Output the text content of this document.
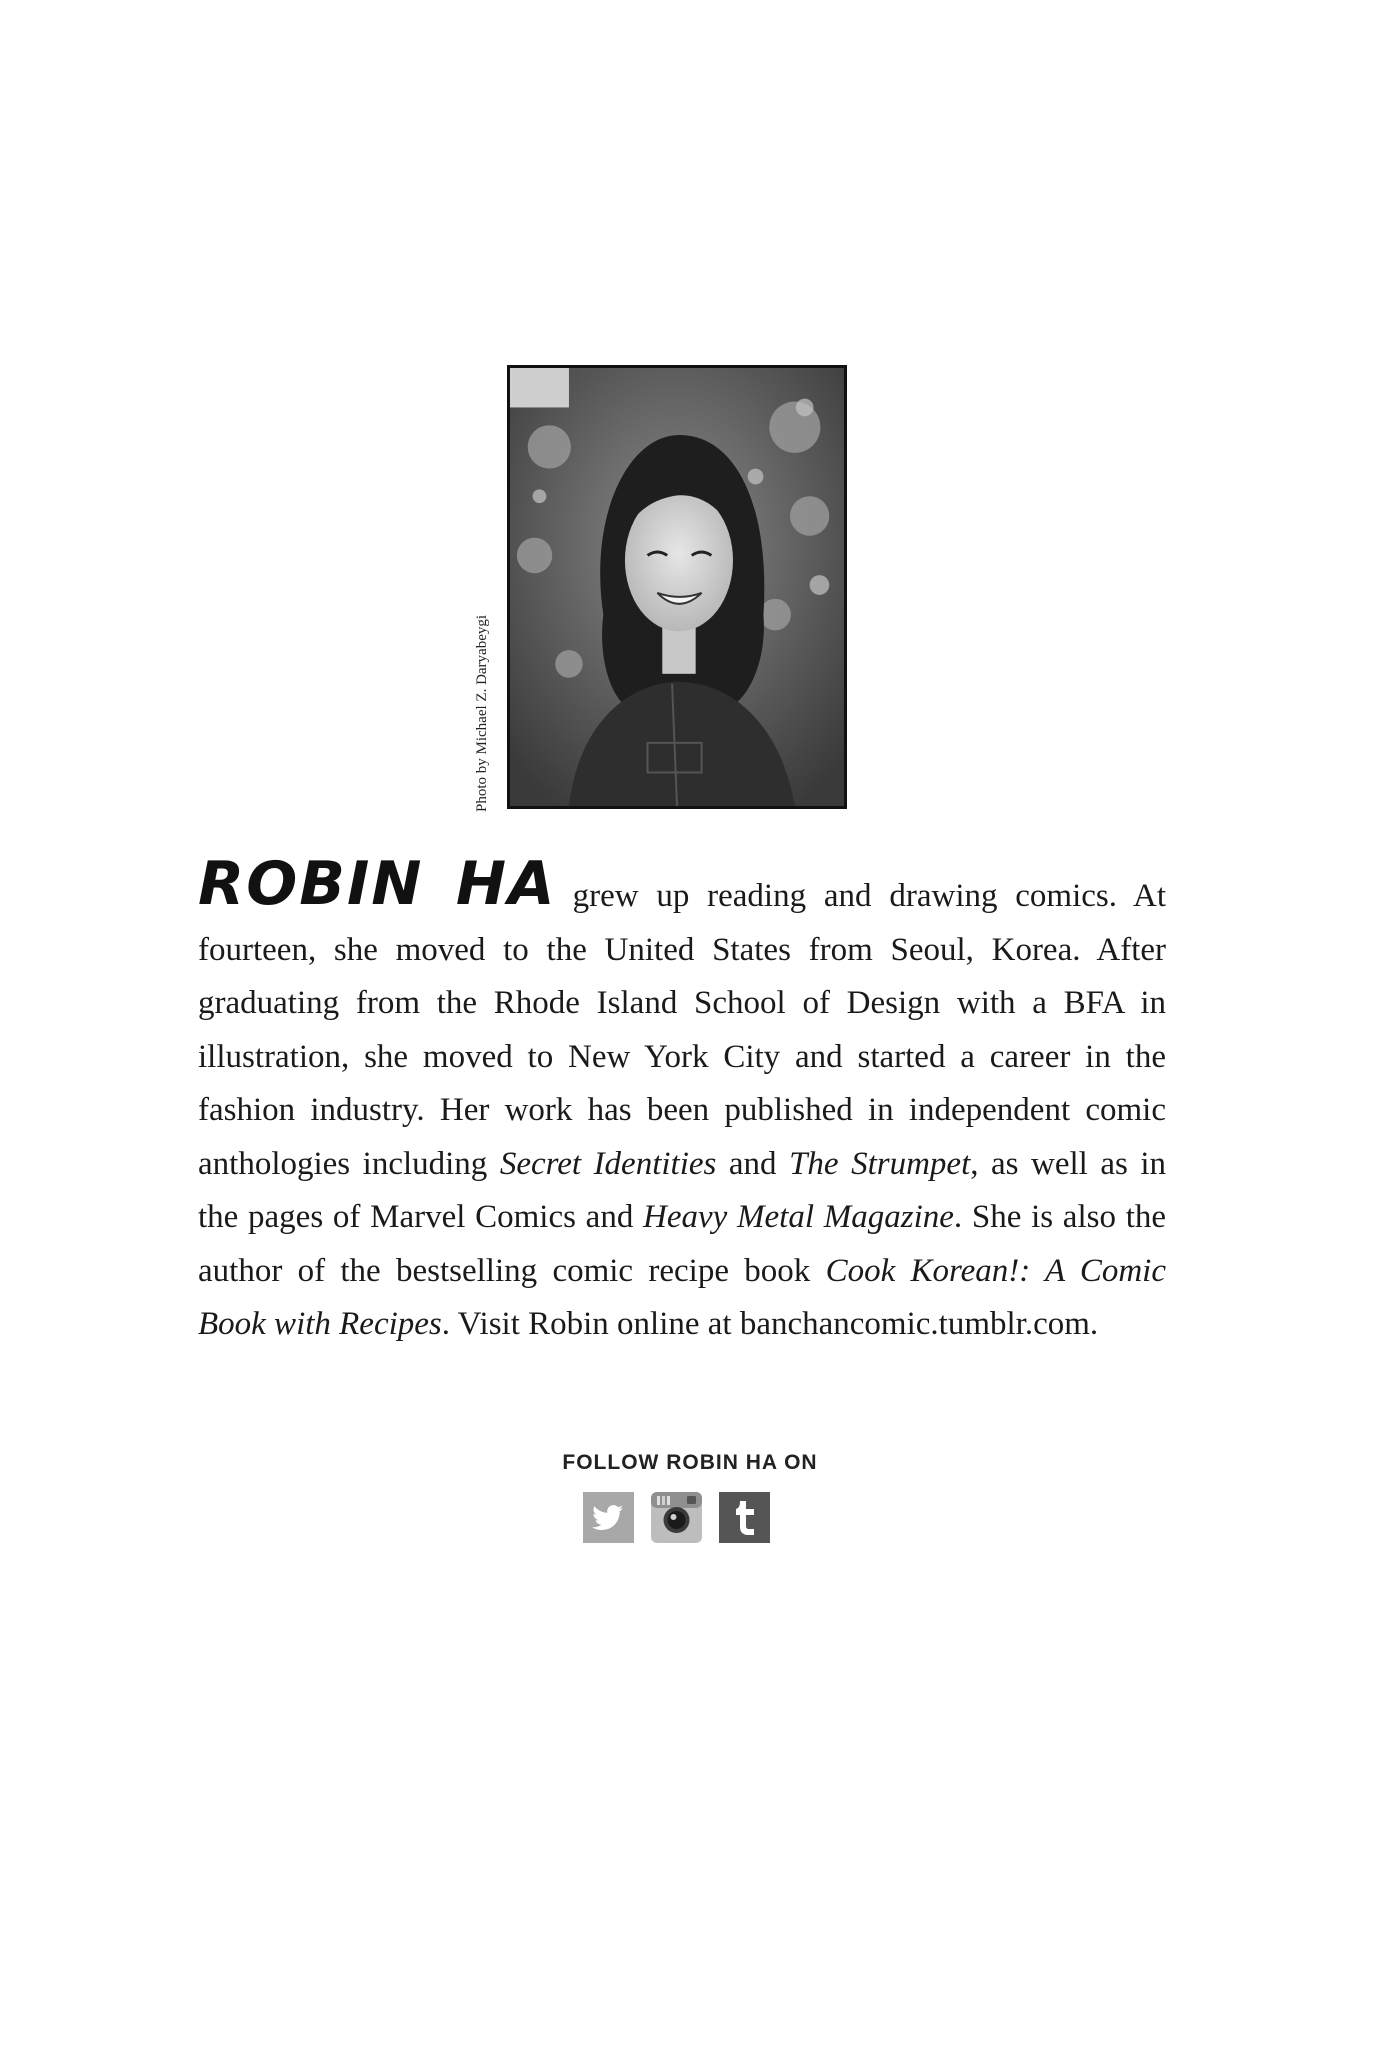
Photo by Michael Z. Daryabeygi
ROBIN HA grew up reading and drawing comics. At fourteen, she moved to the United States from Seoul, Korea. After graduating from the Rhode Island School of Design with a BFA in illustration, she moved to New York City and started a career in the fashion industry. Her work has been published in independent comic anthologies including Secret Identities and The Strumpet, as well as in the pages of Marvel Comics and Heavy Metal Magazine. She is also the author of the bestselling comic recipe book Cook Korean!: A Comic Book with Recipes. Visit Robin online at banchancomic.tumblr.com.
FOLLOW ROBIN HA ON
